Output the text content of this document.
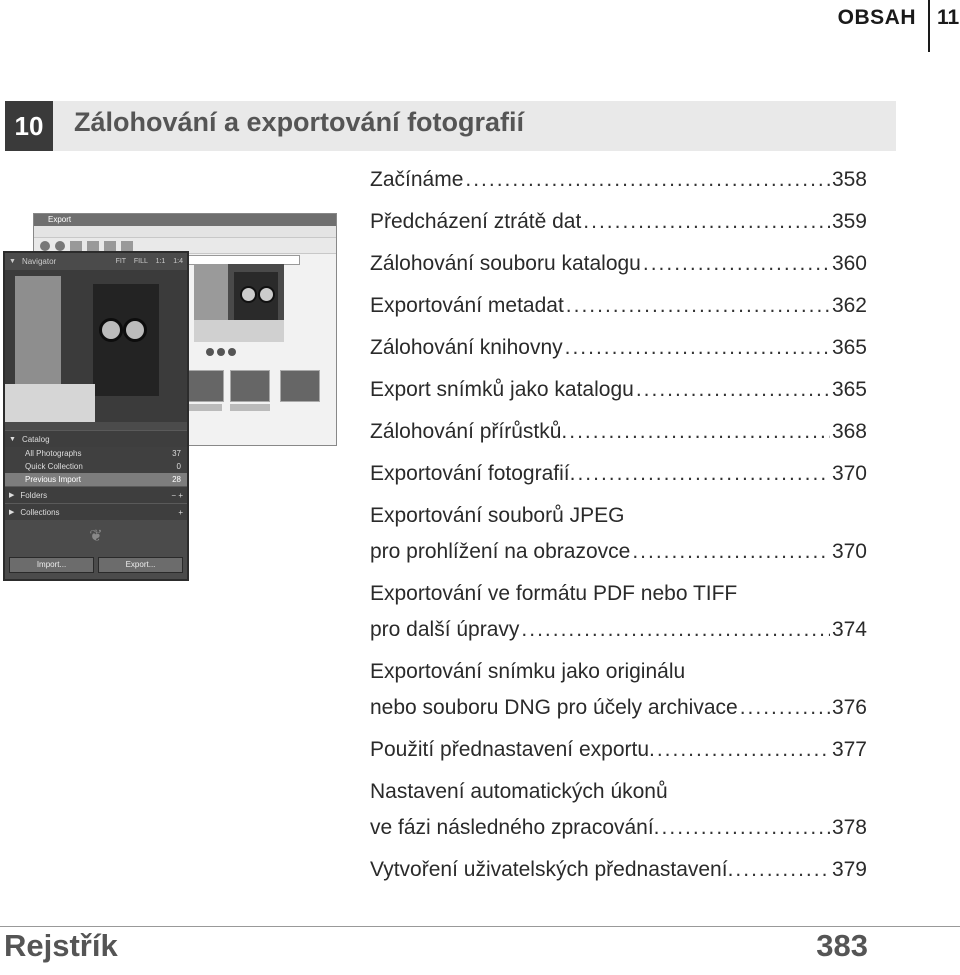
OBSAH 11
10	Zálohování a exportování fotografií
Export
▼ Navigator	FIT FILL 1:1 1:4
▼ Catalog
All Photographs	37
Quick Collection	0
Previous Import	28
▶ Folders	− +
▶ Collections	+
❦
Import...	Export...
Začínáme .....	358
Předcházení ztrátě dat .....	359
Zálohování souboru katalogu .....	360
Exportování metadat .....	362
Zálohování knihovny .....	365
Export snímků jako katalogu .....	365
Zálohování přírůstků. .....	368
Exportování fotografií. .....	370
Exportování souborů JPEG
pro prohlížení na obrazovce .....	370
Exportování ve formátu PDF nebo TIFF
pro další úpravy .....	374
Exportování snímku jako originálu
nebo souboru DNG pro účely archivace .....	376
Použití přednastavení exportu. .....	377
Nastavení automatických úkonů
ve fázi následného zpracování. .....	378
Vytvoření uživatelských přednastavení. .....	379
Rejstřík	383
